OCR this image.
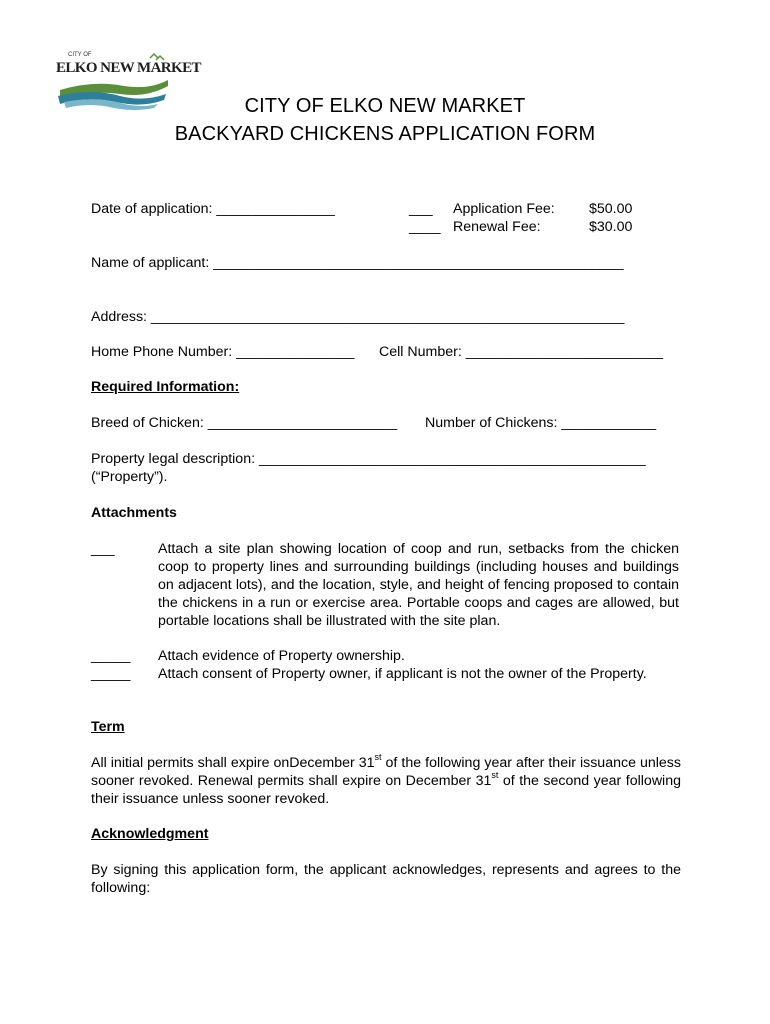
CITY OF
ELKO NEW MARKET
CITY OF ELKO NEW MARKET
BACKYARD CHICKENS APPLICATION FORM
Date of application: _______________	___ Application Fee: $50.00
____ Renewal Fee:	$30.00
Name of applicant: ____________________________________________________
Address: ____________________________________________________________
Home Phone Number: _______________ Cell Number: _________________________
Required Information:
Breed of Chicken: ________________________ Number of Chickens: ____________
Property legal description: _________________________________________________
(“Property”).
Attachments
___	Attach a site plan showing location of coop and run, setbacks from the chicken coop to property lines and surrounding buildings (including houses and buildings on adjacent lots), and the location, style, and height of fencing proposed to contain the chickens in a run or exercise area. Portable coops and cages are allowed, but portable locations shall be illustrated with the site plan.
_____ Attach evidence of Property ownership.
_____ Attach consent of Property owner, if applicant is not the owner of the Property.
Term
All initial permits shall expire onDecember 31st of the following year after their issuance unless sooner revoked. Renewal permits shall expire on December 31st of the second year following their issuance unless sooner revoked.
Acknowledgment
By signing this application form, the applicant acknowledges, represents and agrees to the following:
